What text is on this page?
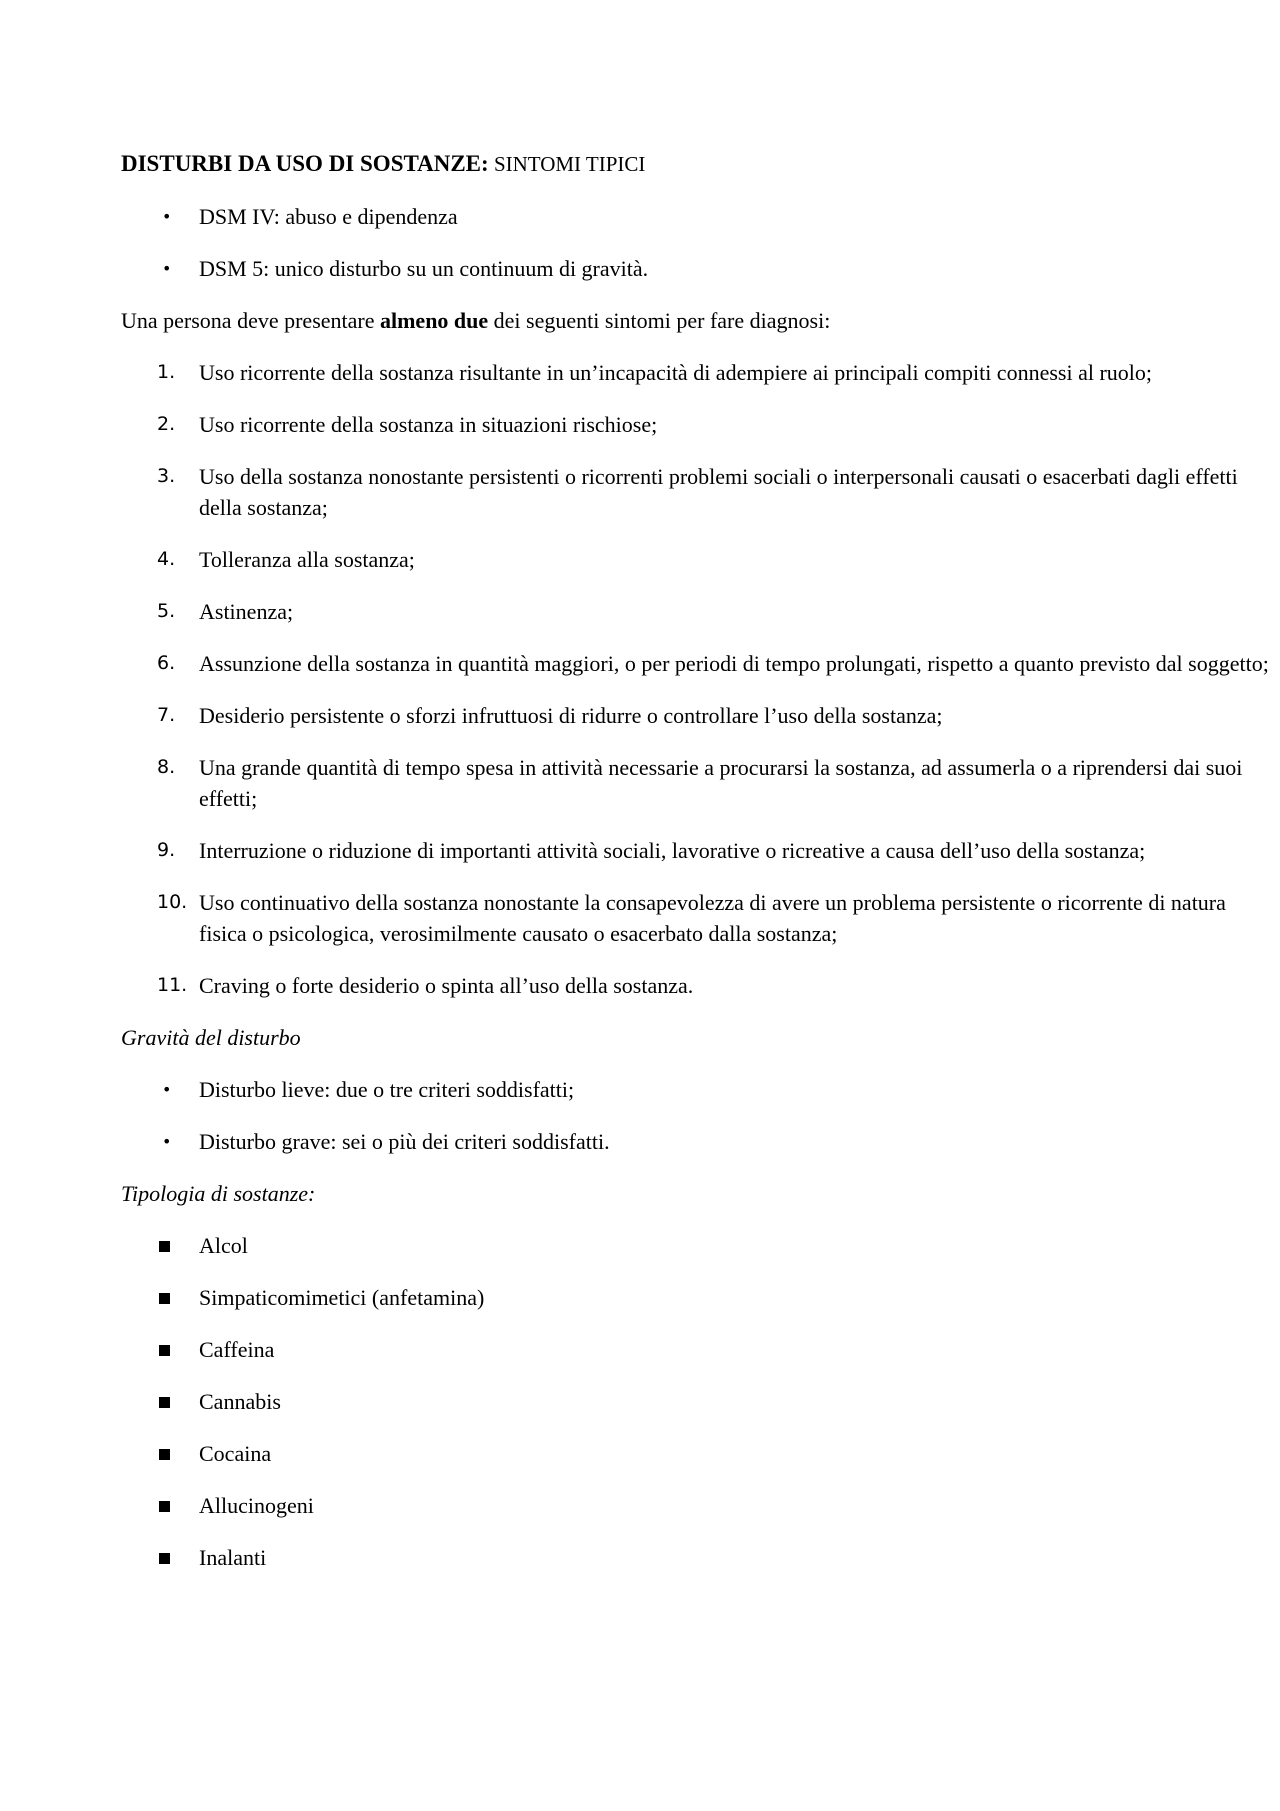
DISTURBI DA USO DI SOSTANZE: SINTOMI TIPICI

• DSM IV: abuso e dipendenza
• DSM 5: unico disturbo su un continuum di gravità.

Una persona deve presentare almeno due dei seguenti sintomi per fare diagnosi:

1.	Uso ricorrente della sostanza risultante in un’incapacità di adempiere ai principali compiti connessi al ruolo;
2.	Uso ricorrente della sostanza in situazioni rischiose;
3.	Uso della sostanza nonostante persistenti o ricorrenti problemi sociali o interpersonali causati o esacerbati dagli effetti della sostanza;
4.	Tolleranza alla sostanza;
5.	Astinenza;
6.	Assunzione della sostanza in quantità maggiori, o per periodi di tempo prolungati, rispetto a quanto previsto dal soggetto;
7.	Desiderio persistente o sforzi infruttuosi di ridurre o controllare l’uso della sostanza;
8.	Una grande quantità di tempo spesa in attività necessarie a procurarsi la sostanza, ad assumerla o a riprendersi dai suoi effetti;
9.	Interruzione o riduzione di importanti attività sociali, lavorative o ricreative a causa dell’uso della sostanza;
10. Uso continuativo della sostanza nonostante la consapevolezza di avere un problema persistente o ricorrente di natura fisica o psicologica, verosimilmente causato o esacerbato dalla sostanza;
11. Craving o forte desiderio o spinta all’uso della sostanza.

Gravità del disturbo

• Disturbo lieve: due o tre criteri soddisfatti;
• Disturbo grave: sei o più dei criteri soddisfatti.

Tipologia di sostanze:

Alcol
Simpaticomimetici (anfetamina)
Caffeina
Cannabis
Cocaina
Allucinogeni
Inalanti
